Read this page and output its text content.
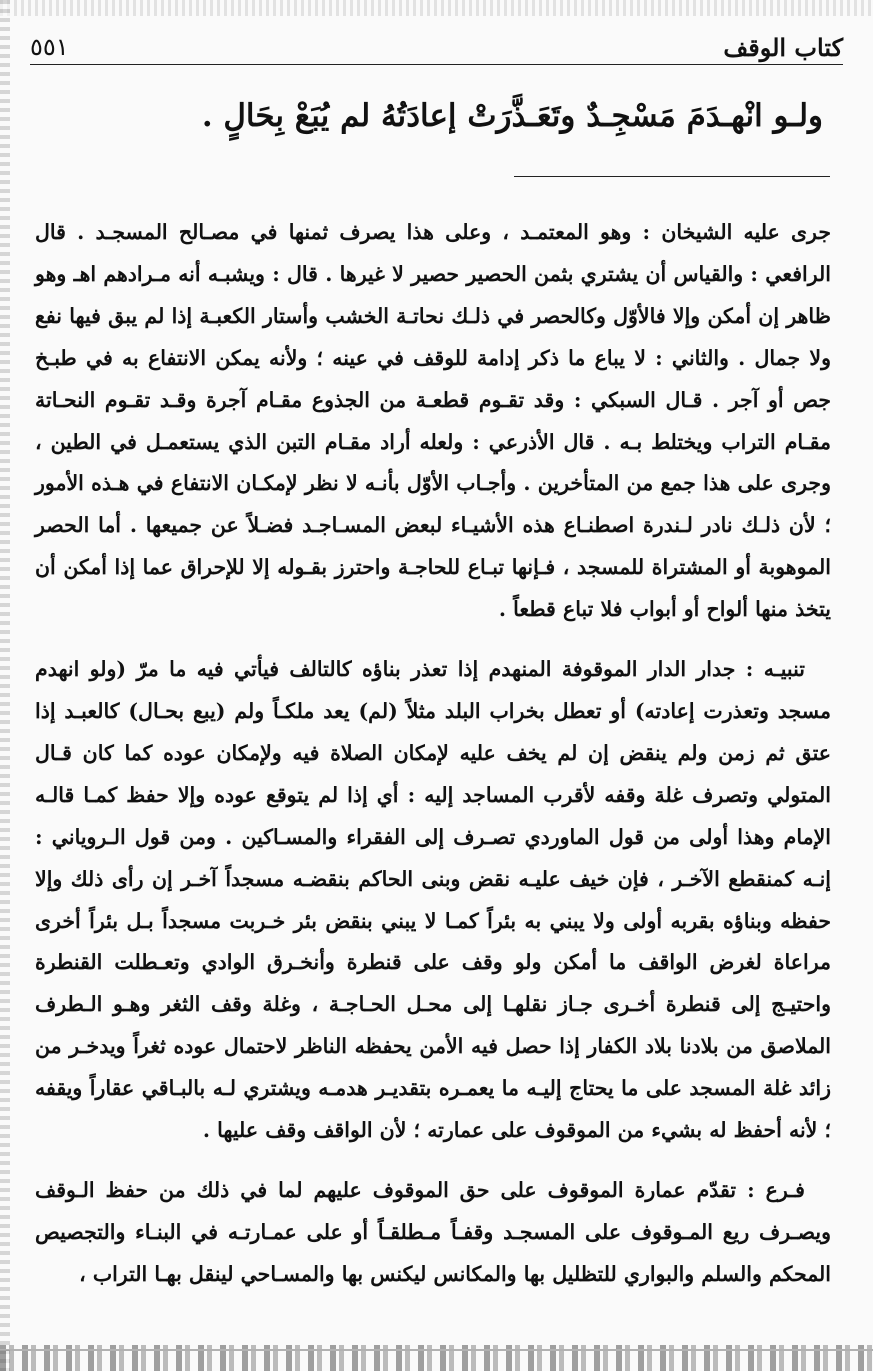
٥٥١	كتاب الوقف
ولـو انْهـدَمَ مَسْجِـدٌ وتَعَـذَّرَتْ إعادَتُهُ لم يُبَعْ بِحَالٍ .

جرى عليه الشيخان : وهو المعتمـد ، وعلى هذا يصرف ثمنها في مصـالح المسجـد . قال الرافعي : والقياس أن يشتري بثمن الحصير حصير لا غيرها . قال : ويشبـه أنه مـرادهم اهـ وهو ظاهر إن أمكن وإلا فالأوّل وكالحصر في ذلـك نحاتـة الخشب وأستار الكعبـة إذا لم يبق فيها نفع ولا جمال . والثاني : لا يباع ما ذكر إدامة للوقف في عينه ؛ ولأنه يمكن الانتفاع به في طبـخ جص أو آجر . قـال السبكي : وقد تقـوم قطعـة من الجذوع مقـام آجرة وقـد تقـوم النحـاتة مقـام التراب ويختلط بـه . قال الأذرعي : ولعله أراد مقـام التبن الذي يستعمـل في الطين ، وجرى على هذا جمع من المتأخرين . وأجـاب الأوّل بأنـه لا نظر لإمكـان الانتفاع في هـذه الأمور ؛ لأن ذلـك نادر لـندرة اصطنـاع هذه الأشيـاء لبعض المسـاجـد فضـلاً عن جميعها . أما الحصر الموهوبة أو المشتراة للمسجد ، فـإنها تبـاع للحاجـة واحترز بقـوله إلا للإحراق عما إذا أمكن أن يتخذ منها ألواح أو أبواب فلا تباع قطعاً .

تنبيـه : جدار الدار الموقوفة المنهدم إذا تعذر بناؤه كالتالف فيأتي فيه ما مرّ (ولو انهدم مسجد وتعذرت إعادته) أو تعطل بخراب البلد مثلاً (لم) يعد ملكـاً ولم (يبع بحـال) كالعبـد إذا عتق ثم زمن ولم ينقض إن لم يخف عليه لإمكان الصلاة فيه ولإمكان عوده كما كان قـال المتولي وتصرف غلة وقفه لأقرب المساجد إليه : أي إذا لم يتوقع عوده وإلا حفظ كمـا قالـه الإمام وهذا أولى من قول الماوردي تصـرف إلى الفقراء والمسـاكين . ومن قول الـروياني : إنـه كمنقطع الآخـر ، فإن خيف عليـه نقض وبنى الحاكم بنقضـه مسجداً آخـر إن رأى ذلك وإلا حفظه وبناؤه بقربه أولى ولا يبني به بئراً كمـا لا يبني بنقض بئر خـربت مسجداً بـل بئراً أخرى مراعاة لغرض الواقف ما أمكن ولو وقف على قنطرة وأنخـرق الوادي وتعـطلت القنطرة واحتيـج إلى قنطرة أخـرى جـاز نقلهـا إلى محـل الحـاجـة ، وغلة وقف الثغر وهـو الـطرف الملاصق من بلادنا بلاد الكفار إذا حصل فيه الأمن يحفظه الناظر لاحتمال عوده ثغراً ويدخـر من زائد غلة المسجد على ما يحتاج إليـه ما يعمـره بتقديـر هدمـه ويشتري لـه بالبـاقي عقاراً ويقفه ؛ لأنه أحفظ له بشيء من الموقوف على عمارته ؛ لأن الواقف وقف عليها .

فـرع : تقدّم عمارة الموقوف على حق الموقوف عليهم لما في ذلك من حفظ الـوقف ويصـرف ريع المـوقوف على المسجـد وقفـاً مـطلقـاً أو على عمـارتـه في البنـاء والتجصيص المحكم والسلم والبواري للتظليل بها والمكانس ليكنس بها والمسـاحي لينقل بهـا التراب ،
